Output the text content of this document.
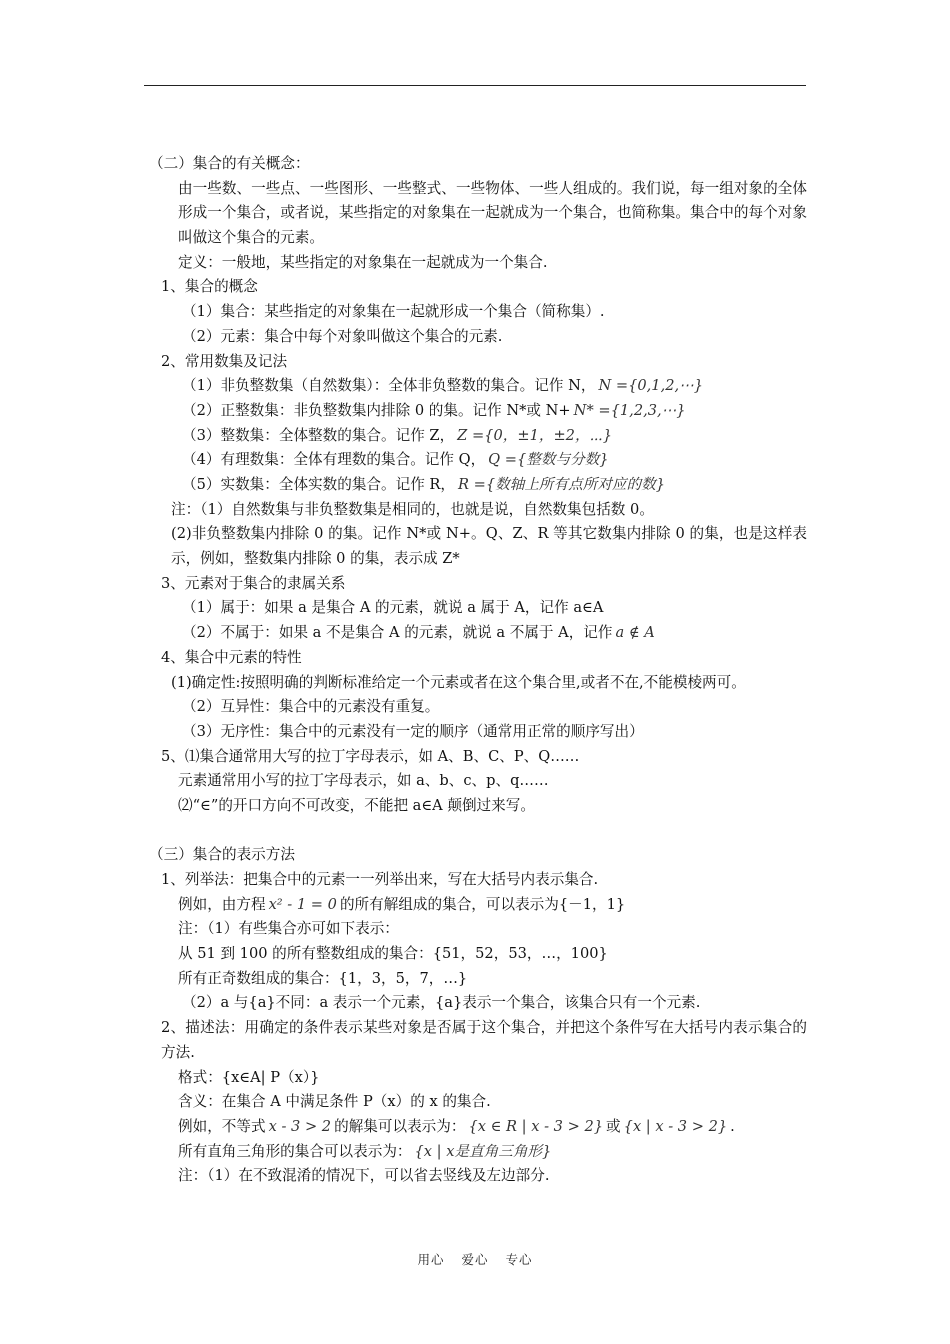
（二）集合的有关概念：
由一些数、一些点、一些图形、一些整式、一些物体、一些人组成的。我们说，每一组对象的全体形成一个集合，或者说，某些指定的对象集在一起就成为一个集合，也简称集。集合中的每个对象叫做这个集合的元素。
定义：一般地，某些指定的对象集在一起就成为一个集合.
1、集合的概念
（1）集合：某些指定的对象集在一起就形成一个集合（简称集）.
（2）元素：集合中每个对象叫做这个集合的元素.
2、常用数集及记法
（1）非负整数集（自然数集）：全体非负整数的集合。记作 N， N ={0,1,2,⋯}
（2）正整数集：非负整数集内排除 0 的集。记作 N*或 N+ N* ={1,2,3,⋯}
（3）整数集：全体整数的集合。记作 Z， Z ={0，±1，±2，⋯}
（4）有理数集：全体有理数的集合。记作 Q， Q ={整数与分数}
（5）实数集：全体实数的集合。记作 R， R ={数轴上所有点所对应的数}
注：（1）自然数集与非负整数集是相同的，也就是说，自然数集包括数 0。
(2)非负整数集内排除 0 的集。记作 N*或 N+。Q、Z、R 等其它数集内排除 0 的集，也是这样表示，例如，整数集内排除 0 的集，表示成 Z*
3、元素对于集合的隶属关系
（1）属于：如果 a 是集合 A 的元素，就说 a 属于 A，记作 a∈A
（2）不属于：如果 a 不是集合 A 的元素，就说 a 不属于 A，记作 a ∉ A
4、集合中元素的特性
(1)确定性:按照明确的判断标准给定一个元素或者在这个集合里,或者不在,不能模棱两可。
（2）互异性：集合中的元素没有重复。
（3）无序性：集合中的元素没有一定的顺序（通常用正常的顺序写出）
5、⑴集合通常用大写的拉丁字母表示，如 A、B、C、P、Q……
元素通常用小写的拉丁字母表示，如 a、b、c、p、q……
⑵“∈”的开口方向不可改变，不能把 a∈A 颠倒过来写。
（三）集合的表示方法
1、列举法：把集合中的元素一一列举出来，写在大括号内表示集合.
例如，由方程 x² - 1 = 0 的所有解组成的集合，可以表示为{－1，1}
注：（1）有些集合亦可如下表示：
从 51 到 100 的所有整数组成的集合：{51，52，53，…，100}
所有正奇数组成的集合：{1，3，5，7，…}
（2）a 与{a}不同：a 表示一个元素，{a}表示一个集合，该集合只有一个元素.
2、描述法：用确定的条件表示某些对象是否属于这个集合，并把这个条件写在大括号内表示集合的方法.
格式：{x∈A| P（x）}
含义：在集合 A 中满足条件 P（x）的 x 的集合.
例如，不等式 x - 3 > 2 的解集可以表示为： {x ∈ R | x - 3 > 2} 或 {x | x - 3 > 2} .
所有直角三角形的集合可以表示为： {x | x是直角三角形}
注：（1）在不致混淆的情况下，可以省去竖线及左边部分.
用心 爱心 专心
